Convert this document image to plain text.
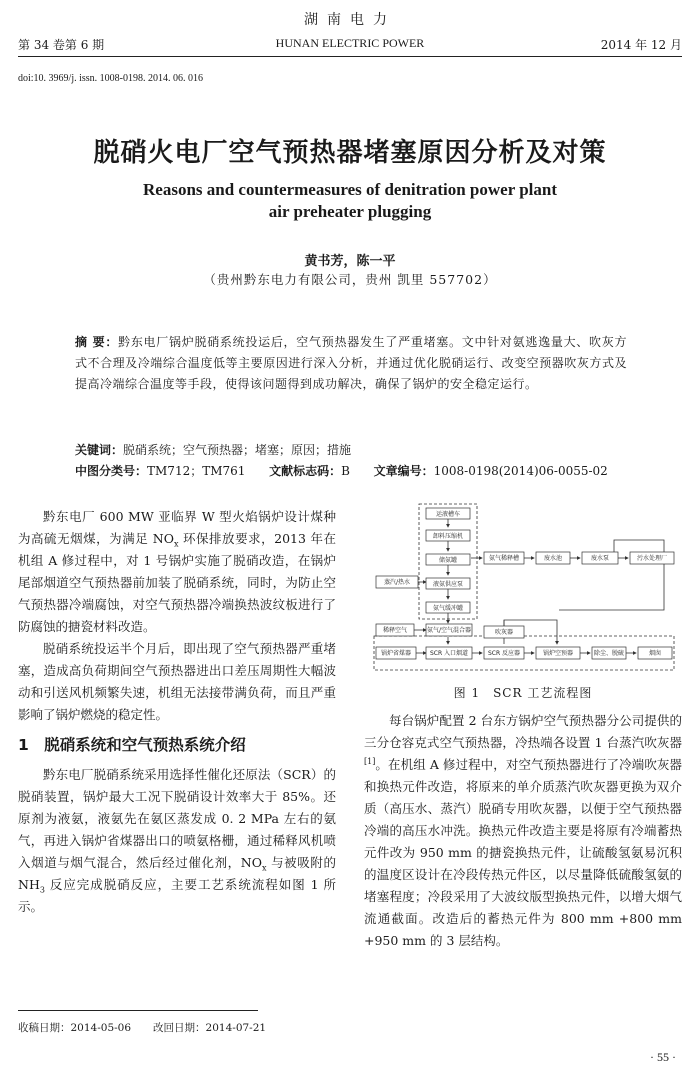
湖南电力
HUNAN ELECTRIC POWER
第 34 卷第 6 期	2014 年 12 月
doi:10. 3969/j. issn. 1008-0198. 2014. 06. 016
脱硝火电厂空气预热器堵塞原因分析及对策
Reasons and countermeasures of denitration power plant
air preheater plugging
黄书芳，陈一平
（贵州黔东电力有限公司，贵州 凯里 557702）
摘 要：黔东电厂锅炉脱硝系统投运后，空气预热器发生了严重堵塞。文中针对氨逃逸量大、吹灰方式不合理及冷端综合温度低等主要原因进行深入分析，并通过优化脱硝运行、改变空预器吹灰方式及提高冷端综合温度等手段，使得该问题得到成功解决，确保了锅炉的安全稳定运行。
关键词：脱硝系统；空气预热器；堵塞；原因；措施
中图分类号：TM712；TM761 文献标志码：B 文章编号：1008-0198(2014)06-0055-02

黔东电厂 600 MW 亚临界 W 型火焰锅炉设计煤种为高硫无烟煤，为满足 $NO_x$ 环保排放要求，2013 年在机组 A 修过程中，对 1 号锅炉实施了脱硝改造，在锅炉尾部烟道空气预热器前加装了脱硝系统，同时，为防止空气预热器冷端腐蚀，对空气预热器冷端换热波纹板进行了防腐蚀的搪瓷材料改造。

脱硝系统投运半个月后，即出现了空气预热器严重堵塞，造成高负荷期间空气预热器进出口差压周期性大幅波动和引送风机频繁失速，机组无法接带满负荷，而且严重影响了锅炉燃烧的稳定性。

1　脱硝系统和空气预热系统介绍

黔东电厂脱硝系统采用选择性催化还原法（SCR）的脱硝装置，锅炉最大工况下脱硝设计效率大于 85%。还原剂为液氨，液氨先在氨区蒸发成 0. 2 MPa 左右的氨气，再进入锅炉省煤器出口的喷氨格栅，通过稀释风机喷入烟道与烟气混合，然后经过催化剂，$NO_x$ 与被吸附的 $NH_3$ 反应完成脱硝反应，主要工艺系统流程如图 1 所示。

运液槽车
卸料压缩机
储氨罐
液氨供应泵
氨气缓冲罐
氨气稀释槽	废水池	废水泵	污水处理厂
蒸汽/热水
稀释空气	氨气/空气混合器	吹灰器
锅炉省煤器	SCR 入口烟道	SCR 反应器	锅炉空预器	除尘、脱硫	烟囱
图 1　SCR 工艺流程图

每台锅炉配置 2 台东方锅炉空气预热器分公司提供的三分仓容克式空气预热器，冷热端各设置 1 台蒸汽吹灰器[1]。在机组 A 修过程中，对空气预热器进行了冷端吹灰器和换热元件改造，将原来的单介质蒸汽吹灰器更换为双介质（高压水、蒸汽）脱硝专用吹灰器，以便于空气预热器冷端的高压水冲洗。换热元件改造主要是将原有冷端蓄热元件改为 950 mm 的搪瓷换热元件，让硫酸氢氨易沉积的温度区设计在冷段传热元件区，以尽量降低硫酸氢氨的堵塞程度；冷段采用了大波纹版型换热元件，以增大烟气流通截面。改造后的蓄热元件为 800 mm +800 mm +950 mm 的 3 层结构。

收稿日期：2014-05-06 改回日期：2014-07-21
· 55 ·
